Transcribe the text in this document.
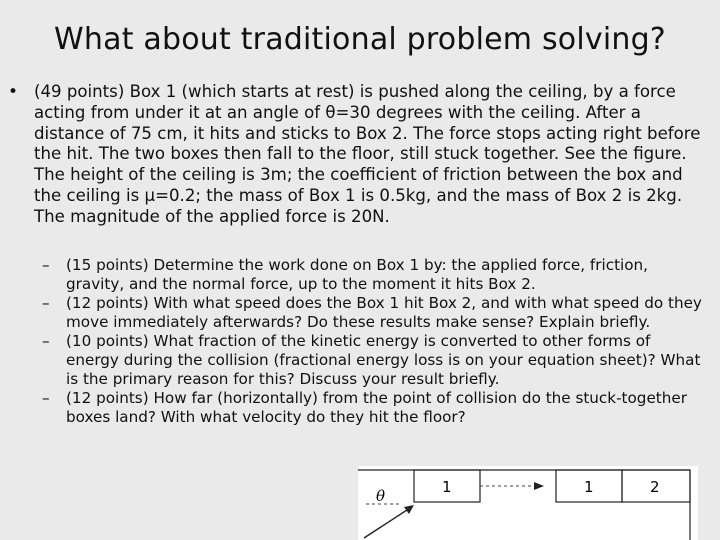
What about traditional problem solving?
• (49 points) Box 1 (which starts at rest) is pushed along the ceiling, by a force acting from under it at an angle of θ=30 degrees with the ceiling. After a distance of 75 cm, it hits and sticks to Box 2. The force stops acting right before the hit. The two boxes then fall to the floor, still stuck together. See the figure. The height of the ceiling is 3m; the coefficient of friction between the box and the ceiling is μ=0.2; the mass of Box 1 is 0.5kg, and the mass of Box 2 is 2kg. The magnitude of the applied force is 20N.
– (15 points) Determine the work done on Box 1 by: the applied force, friction, gravity, and the normal force, up to the moment it hits Box 2.
– (12 points) With what speed does the Box 1 hit Box 2, and with what speed do they move immediately afterwards? Do these results make sense? Explain briefly.
– (10 points) What fraction of the kinetic energy is converted to other forms of energy during the collision (fractional energy loss is on your equation sheet)? What is the primary reason for this? Discuss your result briefly.
– (12 points) How far (horizontally) from the point of collision do the stuck-together boxes land? With what velocity do they hit the floor?
θ	1	1	2
